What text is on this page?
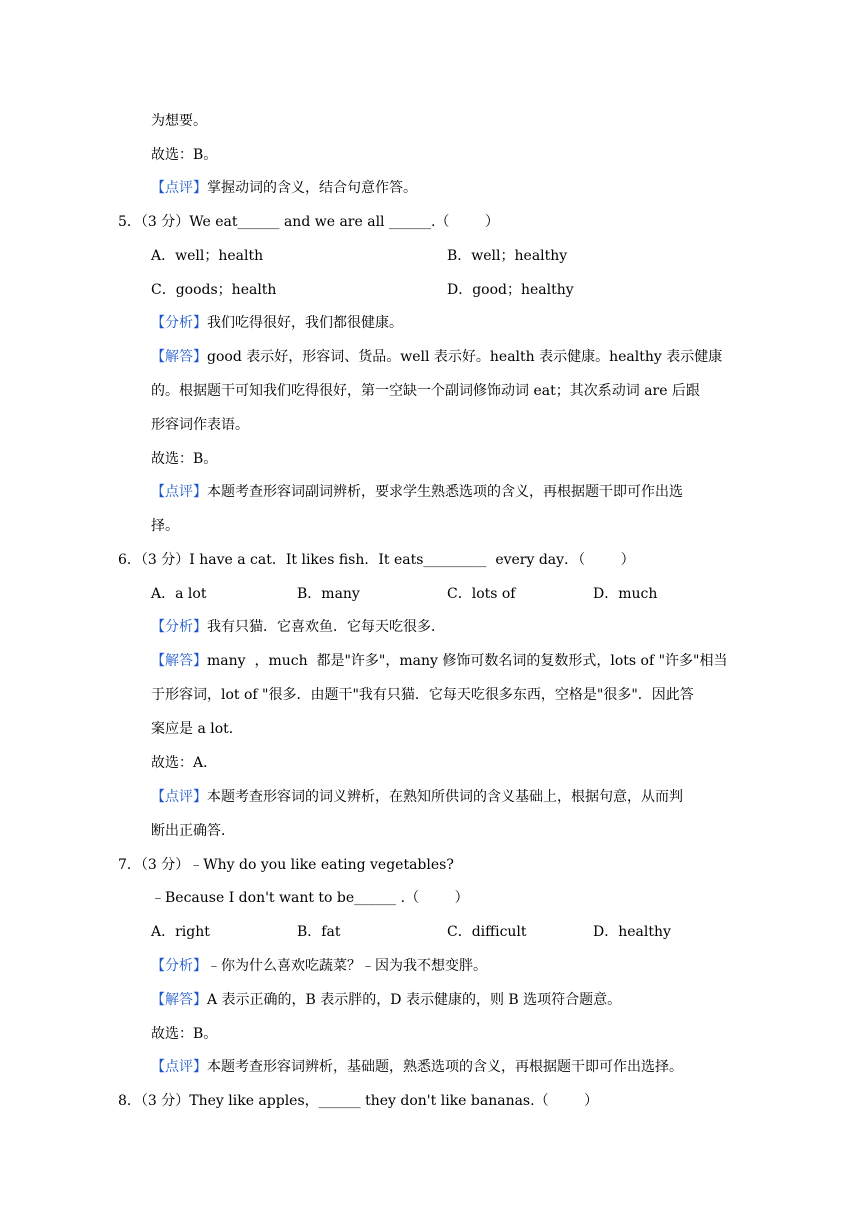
为想要。
故选：B。
【点评】掌握动词的含义，结合句意作答。
5．（3 分）We eat______ and we are all ______.（        ）
A．well；health	B．well；healthy
C．goods；health	D．good；healthy
【分析】我们吃得很好，我们都很健康。
【解答】good 表示好，形容词、货品。well 表示好。health 表示健康。healthy 表示健康
的。根据题干可知我们吃得很好，第一空缺一个副词修饰动词 eat；其次系动词 are 后跟
形容词作表语。
故选：B。
【点评】本题考查形容词副词辨析，要求学生熟悉选项的含义，再根据题干即可作出选
择。
6．（3 分）I have a cat．It likes fish．It eats_________  every day．（        ）
A．a lot	B．many	C．lots of	D．much
【分析】我有只猫．它喜欢鱼．它每天吃很多．
【解答】many  ，much  都是"许多"，many 修饰可数名词的复数形式，lots of "许多"相当
于形容词，lot of "很多．由题干"我有只猫．它每天吃很多东西，空格是"很多"．因此答
案应是 a lot．
故选：A．
【点评】本题考查形容词的词义辨析，在熟知所供词的含义基础上，根据句意，从而判
断出正确答．
7．（3 分）﹣Why do you like eating vegetables?
﹣Because I don't want to be______ .（        ）
A．right	B．fat	C．difficult	D．healthy
【分析】﹣你为什么喜欢吃蔬菜？﹣因为我不想变胖。
【解答】A 表示正确的，B 表示胖的，D 表示健康的，则 B 选项符合题意。
故选：B。
【点评】本题考查形容词辨析，基础题，熟悉选项的含义，再根据题干即可作出选择。
8．（3 分）They like apples，______ they don't like bananas.（        ）
